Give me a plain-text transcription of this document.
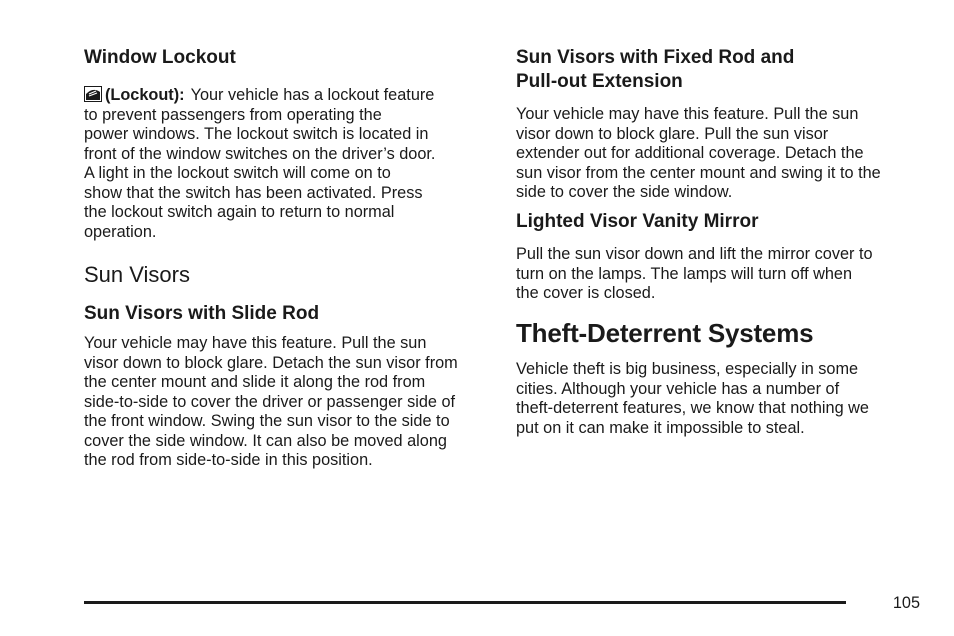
Window Lockout
(Lockout): Your vehicle has a lockout feature
to prevent passengers from operating the
power windows. The lockout switch is located in
front of the window switches on the driver’s door.
A light in the lockout switch will come on to
show that the switch has been activated. Press
the lockout switch again to return to normal
operation.
Sun Visors
Sun Visors with Slide Rod
Your vehicle may have this feature. Pull the sun
visor down to block glare. Detach the sun visor from
the center mount and slide it along the rod from
side-to-side to cover the driver or passenger side of
the front window. Swing the sun visor to the side to
cover the side window. It can also be moved along
the rod from side-to-side in this position.
Sun Visors with Fixed Rod and
Pull-out Extension
Your vehicle may have this feature. Pull the sun
visor down to block glare. Pull the sun visor
extender out for additional coverage. Detach the
sun visor from the center mount and swing it to the
side to cover the side window.
Lighted Visor Vanity Mirror
Pull the sun visor down and lift the mirror cover to
turn on the lamps. The lamps will turn off when
the cover is closed.
Theft-Deterrent Systems
Vehicle theft is big business, especially in some
cities. Although your vehicle has a number of
theft-deterrent features, we know that nothing we
put on it can make it impossible to steal.
105
